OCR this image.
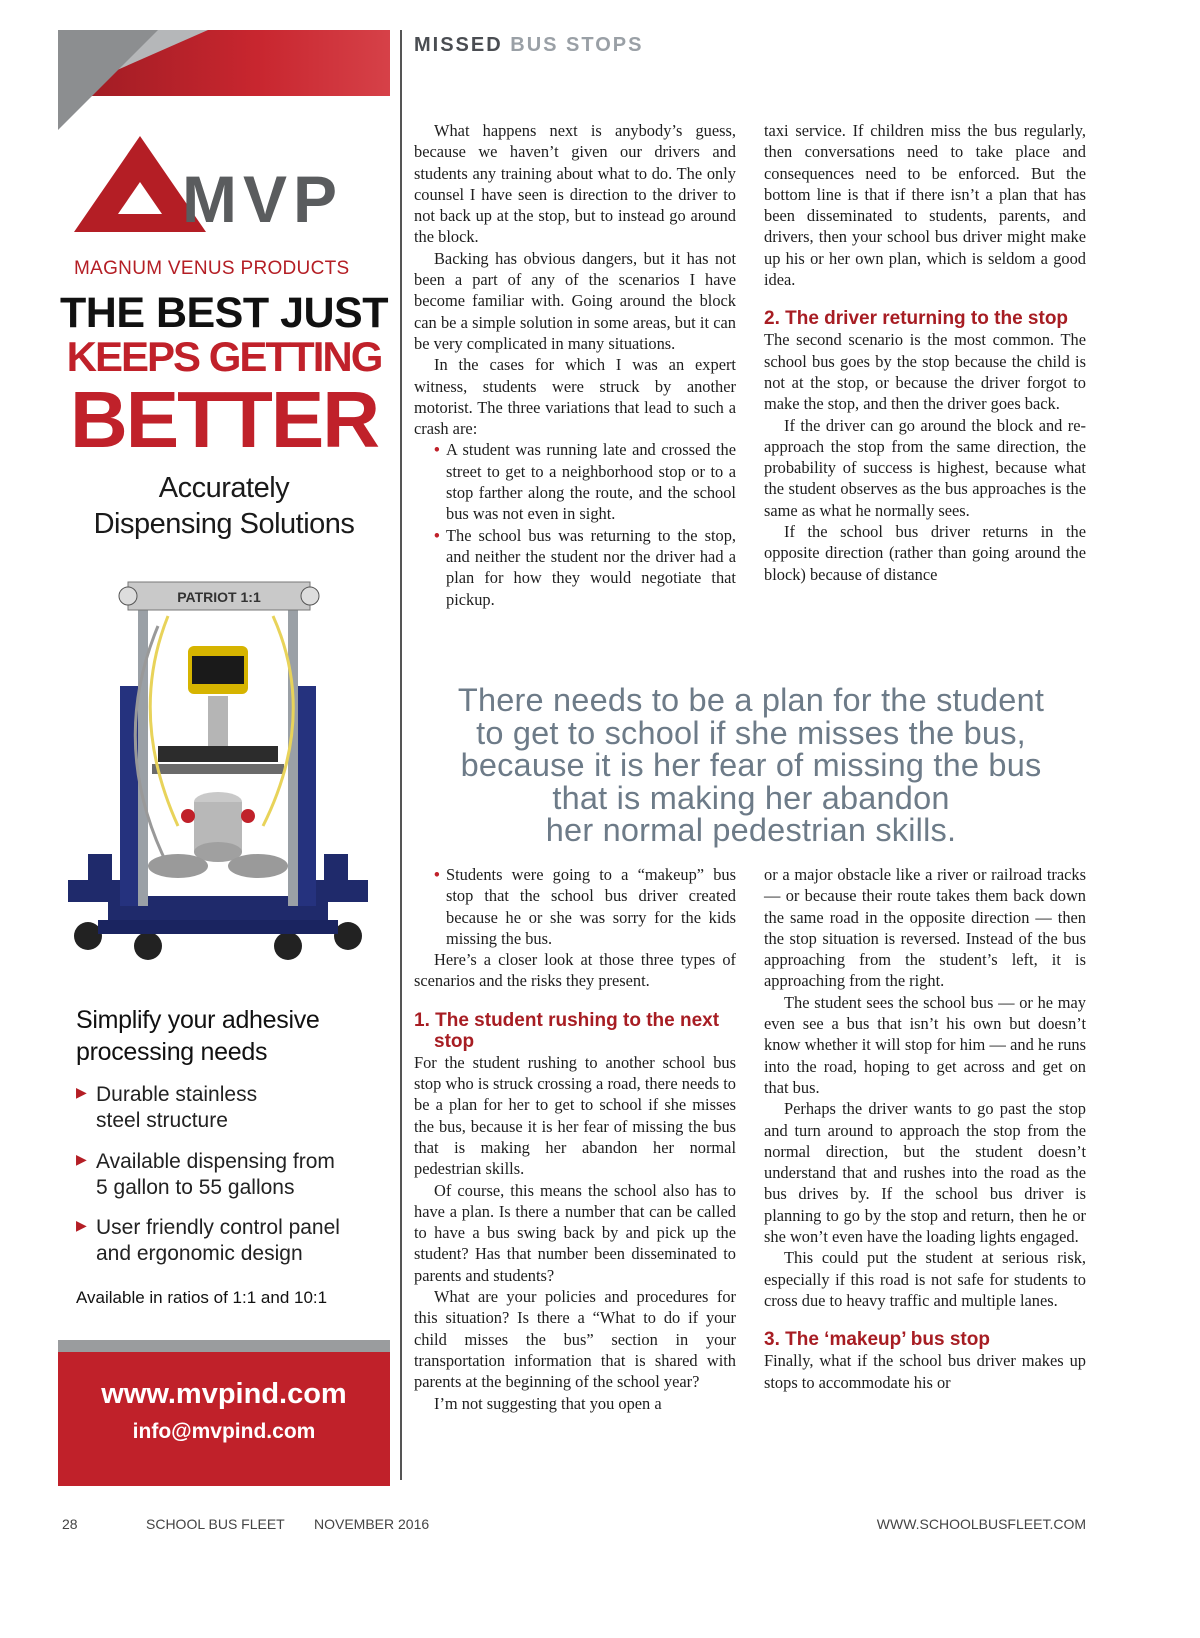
MVP
MAGNUM VENUS PRODUCTS
THE BEST JUST
KEEPS GETTING
BETTER
Accurately
Dispensing Solutions
PATRIOT 1:1
Simplify your adhesive
processing needs
▶ Durable stainless
steel structure
▶ Available dispensing from
5 gallon to 55 gallons
▶ User friendly control panel
and ergonomic design
Available in ratios of 1:1 and 10:1
www.mvpind.com
info@mvpind.com
MISSED BUS STOPS

What happens next is anybody’s guess, because we haven’t given our drivers and students any training about what to do. The only counsel I have seen is direction to the driver to not back up at the stop, but to instead go around the block.

Backing has obvious dangers, but it has not been a part of any of the scenarios I have become familiar with. Going around the block can be a simple solution in some areas, but it can be very complicated in many situations.

In the cases for which I was an expert witness, students were struck by another motorist. The three variations that lead to such a crash are:

• A student was running late and crossed the street to get to a neighborhood stop or to a stop farther along the route, and the school bus was not even in sight.

• The school bus was returning to the stop, and neither the student nor the driver had a plan for how they would negotiate that pickup.

taxi service. If children miss the bus regularly, then conversations need to take place and consequences need to be enforced. But the bottom line is that if there isn’t a plan that has been disseminated to students, parents, and drivers, then your school bus driver might make up his or her own plan, which is seldom a good idea.

2. The driver returning to the stop

The second scenario is the most common. The school bus goes by the stop because the child is not at the stop, or because the driver forgot to make the stop, and then the driver goes back.

If the driver can go around the block and re-approach the stop from the same direction, the probability of success is highest, because what the student observes as the bus approaches is the same as what he normally sees.

If the school bus driver returns in the opposite direction (rather than going around the block) because of distance

There needs to be a plan for the student
to get to school if she misses the bus,
because it is her fear of missing the bus
that is making her abandon
her normal pedestrian skills.

• Students were going to a “makeup” bus stop that the school bus driver created because he or she was sorry for the kids missing the bus.

Here’s a closer look at those three types of scenarios and the risks they present.

1. The student rushing to the next stop

For the student rushing to another school bus stop who is struck crossing a road, there needs to be a plan for her to get to school if she misses the bus, because it is her fear of missing the bus that is making her abandon her normal pedestrian skills.

Of course, this means the school also has to have a plan. Is there a number that can be called to have a bus swing back by and pick up the student? Has that number been disseminated to parents and students?

What are your policies and procedures for this situation? Is there a “What to do if your child misses the bus” section in your transportation information that is shared with parents at the beginning of the school year?

I’m not suggesting that you open a

or a major obstacle like a river or railroad tracks — or because their route takes them back down the same road in the opposite direction — then the stop situation is reversed. Instead of the bus approaching from the student’s left, it is approaching from the right.

The student sees the school bus — or he may even see a bus that isn’t his own but doesn’t know whether it will stop for him — and he runs into the road, hoping to get across and get on that bus.

Perhaps the driver wants to go past the stop and turn around to approach the stop from the normal direction, but the student doesn’t understand that and rushes into the road as the bus drives by. If the school bus driver is planning to go by the stop and return, then he or she won’t even have the loading lights engaged.

This could put the student at serious risk, especially if this road is not safe for students to cross due to heavy traffic and multiple lanes.

3. The ‘makeup’ bus stop

Finally, what if the school bus driver makes up stops to accommodate his or

28	SCHOOL BUS FLEET NOVEMBER 2016	WWW.SCHOOLBUSFLEET.COM
